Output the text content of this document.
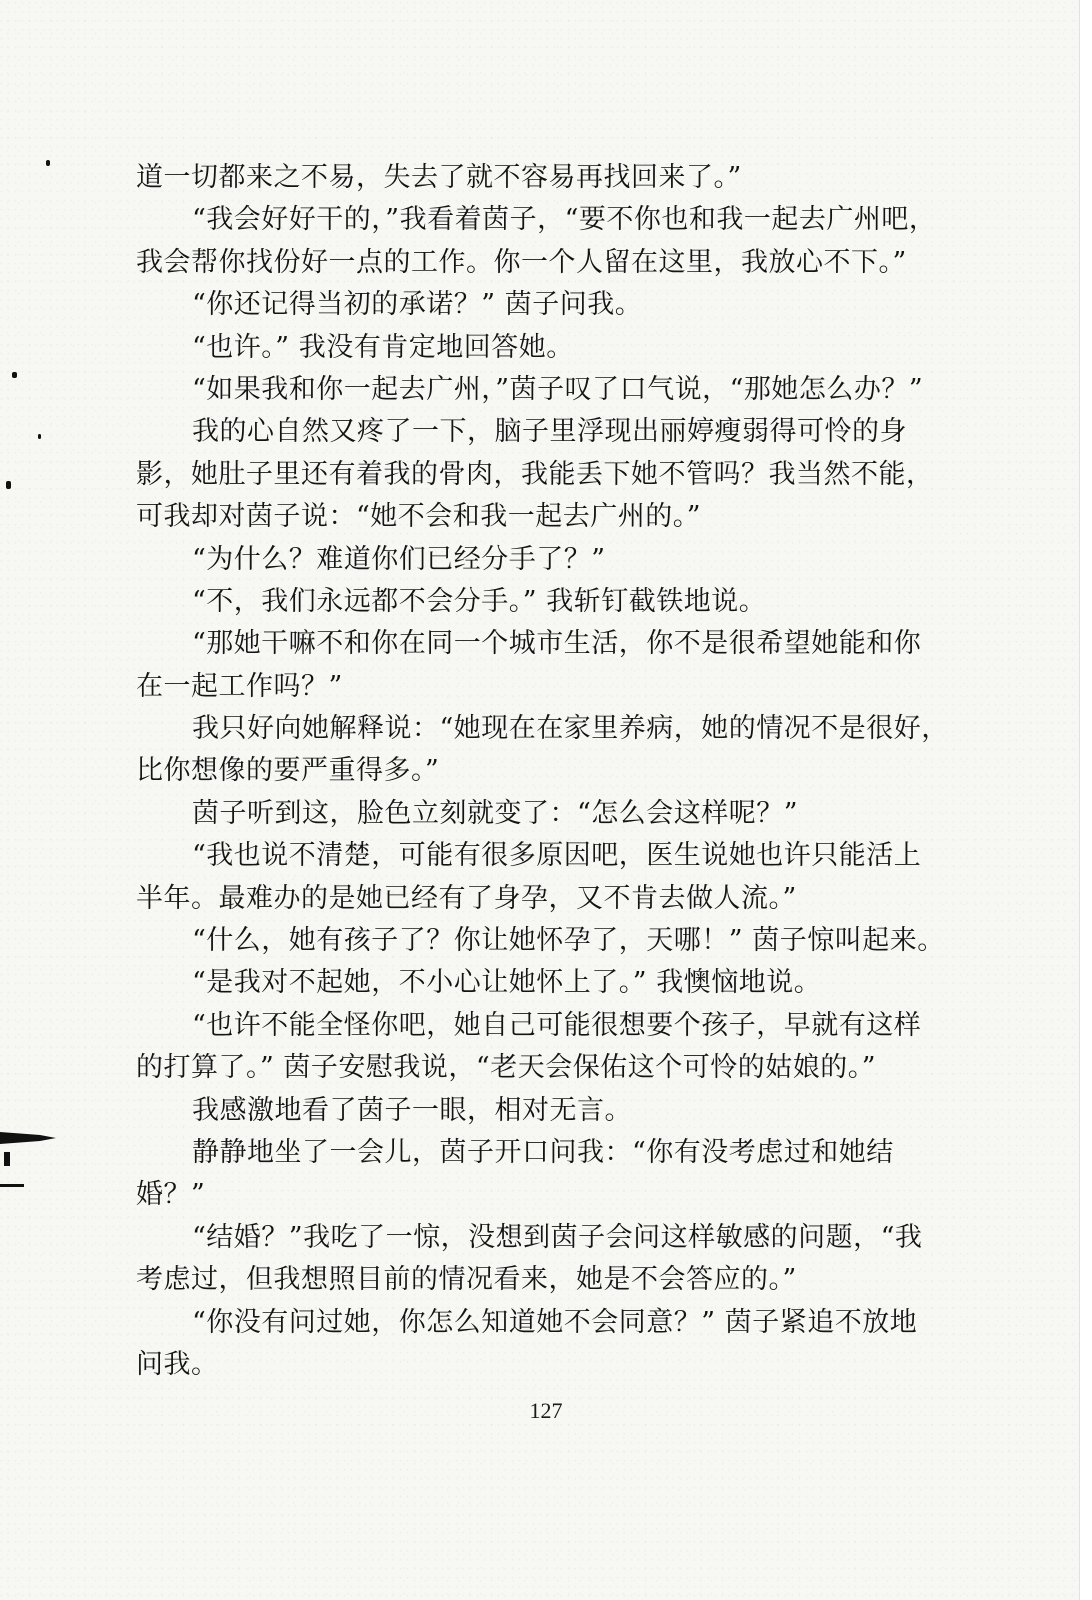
道一切都来之不易，失去了就不容易再找回来了。”
“我会好好干的，”我看着茵子，“要不你也和我一起去广州吧，
我会帮你找份好一点的工作。你一个人留在这里，我放心不下。”
“你还记得当初的承诺？” 茵子问我。
“也许。” 我没有肯定地回答她。
“如果我和你一起去广州，”茵子叹了口气说，“那她怎么办？”
我的心自然又疼了一下，脑子里浮现出丽婷瘦弱得可怜的身
影，她肚子里还有着我的骨肉，我能丢下她不管吗？我当然不能，
可我却对茵子说：“她不会和我一起去广州的。”
“为什么？难道你们已经分手了？”
“不，我们永远都不会分手。” 我斩钉截铁地说。
“那她干嘛不和你在同一个城市生活，你不是很希望她能和你
在一起工作吗？”
我只好向她解释说：“她现在在家里养病，她的情况不是很好，
比你想像的要严重得多。”
茵子听到这，脸色立刻就变了：“怎么会这样呢？”
“我也说不清楚，可能有很多原因吧，医生说她也许只能活上
半年。最难办的是她已经有了身孕，又不肯去做人流。”
“什么，她有孩子了？你让她怀孕了，天哪！” 茵子惊叫起来。
“是我对不起她，不小心让她怀上了。” 我懊恼地说。
“也许不能全怪你吧，她自己可能很想要个孩子，早就有这样
的打算了。” 茵子安慰我说，“老天会保佑这个可怜的姑娘的。”
我感激地看了茵子一眼，相对无言。
静静地坐了一会儿，茵子开口问我：“你有没考虑过和她结
婚？”
“结婚？”我吃了一惊，没想到茵子会问这样敏感的问题，“我
考虑过，但我想照目前的情况看来，她是不会答应的。”
“你没有问过她，你怎么知道她不会同意？” 茵子紧追不放地
问我。
127
